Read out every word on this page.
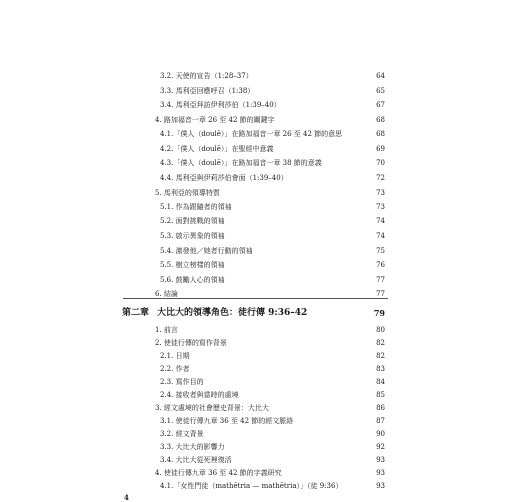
3.2. 天使的宣告（1:28–37）	64
3.3. 馬利亞回應呼召（1:38）	65
3.4. 馬利亞拜訪伊利莎伯（1:39–40）	67
4. 路加福音一章 26 至 42 節的關鍵字	68
4.1.「僕人（doulē）」在路加福音一章 26 至 42 節的意思	68
4.2.「僕人（doulē）」在聖經中意義	69
4.3.「僕人（doulē）」在路加福音一章 38 節的意義	70
4.4. 馬利亞與伊莉莎伯會面（1:39–40）	72
5. 馬利亞的領導特質	73
5.1. 作為跟隨者的領袖	73
5.2. 面對挑戰的領袖	74
5.3. 啟示異象的領袖	74
5.4. 激發他／她者行動的領袖	75
5.5. 樹立榜樣的領袖	76
5.6. 鼓勵人心的領袖	77
6. 結論	77
第二章 大比大的領導角色：徒行傳 9:36–42	79
1. 前言	80
2. 使徒行傳的寫作背景	82
2.1. 日期	82
2.2. 作者	83
2.3. 寫作目的	84
2.4. 接收者與當時的處境	85
3. 經文處境的社會歷史背景：大比大	86
3.1. 使徒行傳九章 36 至 42 節的經文脈絡	87
3.2. 經文背景	90
3.3. 大比大的影響力	92
3.4. 大比大從死裡復活	93
4. 使徒行傳九章 36 至 42 節的字義研究	93
4
4.1.「女性門徒（mathētria — mathētria）」（徒 9:36）	93
